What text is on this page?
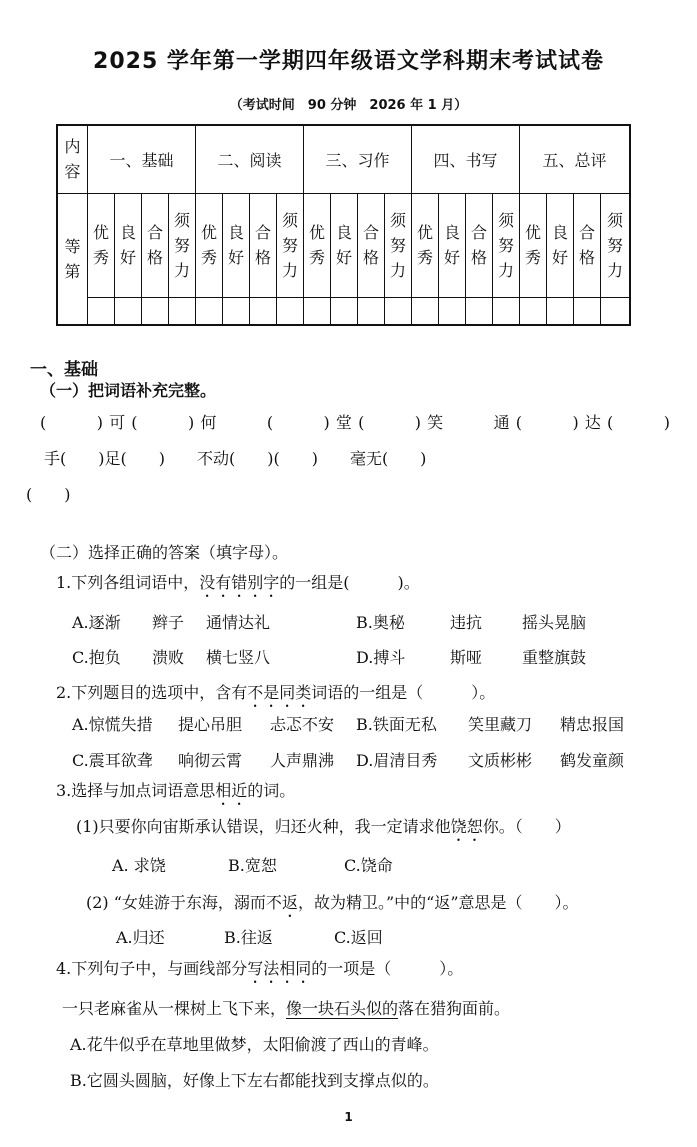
2025 学年第一学期四年级语文学科期末考试试卷
（考试时间　90 分钟　2026 年 1 月）
内容	一、基础				二、阅读				三、习作				四、书写				五、总评			
等第	优秀	良好	合格	须努力	优秀	良好	合格	须努力	优秀	良好	合格	须努力	优秀	良好	合格	须努力	优秀	良好	合格	须努力

一、基础
（一）把词语补充完整。
(　　)可(　　)何　　(　　)堂(　　)笑　　通(　　)达(　　)
手(　　)足(　　)　　不动(　　)(　　)　　毫无(　　)
(　　)
（二）选择正确的答案（填字母）。
1.下列各组词语中，没有错别字的一组是(　　　)。
A.逐渐 辫子 通情达礼	B.奥秘	违抗 摇头晃脑
C.抱负 溃败 横七竖八	D.搏斗	斯哑 重整旗鼓
2.下列题目的选项中，含有不是同类词语的一组是（　　　）。
A.惊慌失措 提心吊胆 忐忑不安 B.铁面无私 笑里藏刀 精忠报国
C.震耳欲聋 响彻云霄 人声鼎沸 D.眉清目秀 文质彬彬 鹤发童颜
3.选择与加点词语意思相近的词。
(1)只要你向宙斯承认错误，归还火种，我一定请求他饶恕你。（　　）
A. 求饶	B.宽恕	C.饶命
(2) “女娃游于东海，溺而不返，故为精卫。”中的“返”意思是（　　）。
A.归还	B.往返	C.返回
4.下列句子中，与画线部分写法相同的一项是（　　　）。
一只老麻雀从一棵树上飞下来，像一块石头似的落在猎狗面前。
A.花牛似乎在草地里做梦，太阳偷渡了西山的青峰。
B.它圆头圆脑，好像上下左右都能找到支撑点似的。
1
